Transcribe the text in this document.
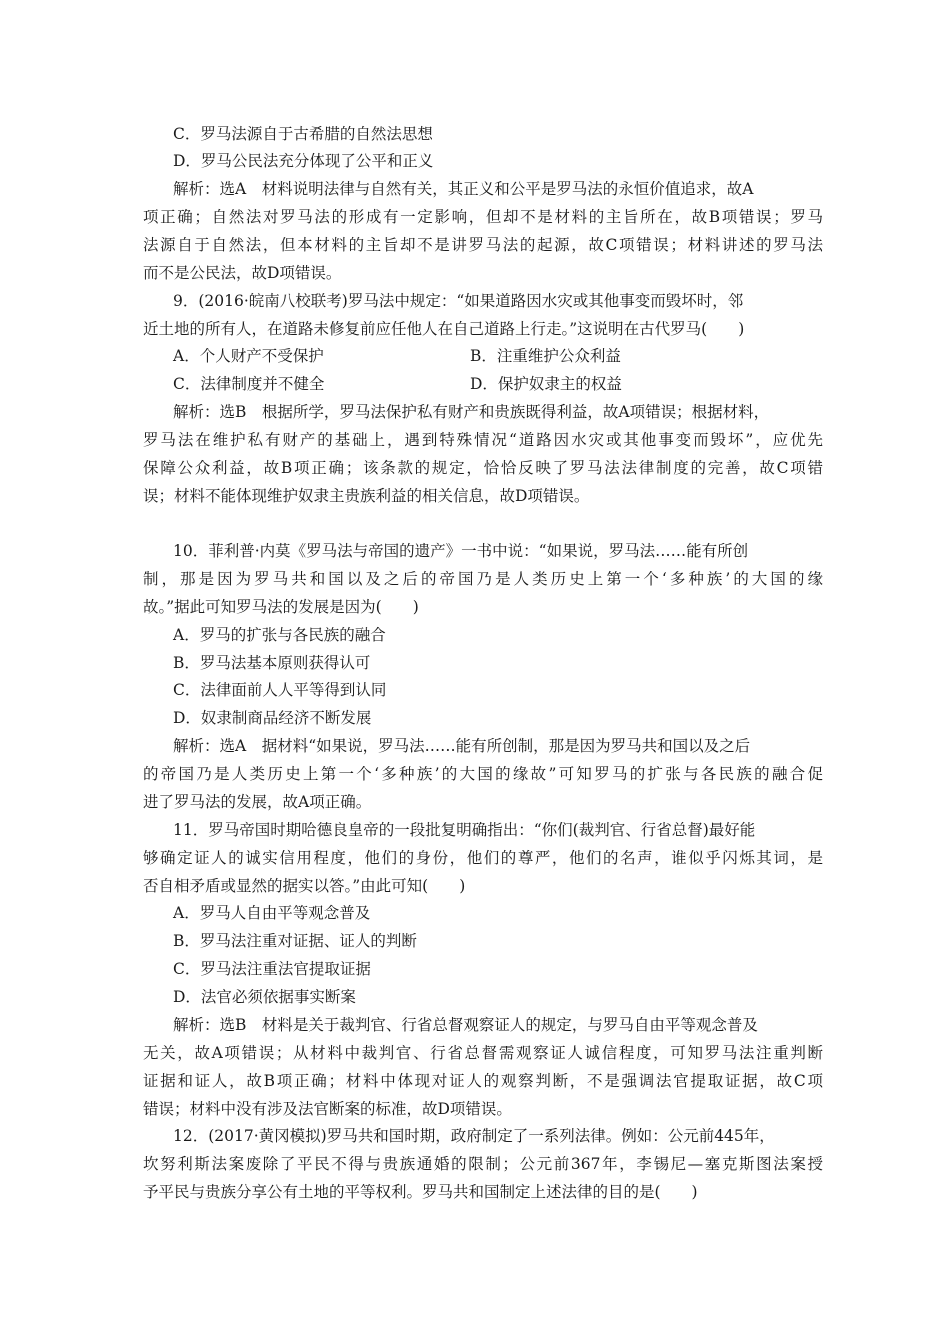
C．罗马法源自于古希腊的自然法思想
D．罗马公民法充分体现了公平和正义
解析：选A　材料说明法律与自然有关，其正义和公平是罗马法的永恒价值追求，故A
项正确；自然法对罗马法的形成有一定影响，但却不是材料的主旨所在，故B项错误；罗马
法源自于自然法，但本材料的主旨却不是讲罗马法的起源，故C项错误；材料讲述的罗马法
而不是公民法，故D项错误。
9．(2016·皖南八校联考)罗马法中规定：“如果道路因水灾或其他事变而毁坏时，邻
近土地的所有人，在道路未修复前应任他人在自己道路上行走。”这说明在古代罗马(　　)
A．个人财产不受保护	B．注重维护公众利益
C．法律制度并不健全	D．保护奴隶主的权益
解析：选B　根据所学，罗马法保护私有财产和贵族既得利益，故A项错误；根据材料，
罗马法在维护私有财产的基础上，遇到特殊情况“道路因水灾或其他事变而毁坏”，应优先
保障公众利益，故B项正确；该条款的规定，恰恰反映了罗马法法律制度的完善，故C项错
误；材料不能体现维护奴隶主贵族利益的相关信息，故D项错误。
10．菲利普·内莫《罗马法与帝国的遗产》一书中说：“如果说，罗马法……能有所创
制，那是因为罗马共和国以及之后的帝国乃是人类历史上第一个‘多种族’的大国的缘
故。”据此可知罗马法的发展是因为(　　)
A．罗马的扩张与各民族的融合
B．罗马法基本原则获得认可
C．法律面前人人平等得到认同
D．奴隶制商品经济不断发展
解析：选A　据材料“如果说，罗马法……能有所创制，那是因为罗马共和国以及之后
的帝国乃是人类历史上第一个‘多种族’的大国的缘故”可知罗马的扩张与各民族的融合促
进了罗马法的发展，故A项正确。
11．罗马帝国时期哈德良皇帝的一段批复明确指出：“你们(裁判官、行省总督)最好能
够确定证人的诚实信用程度，他们的身份，他们的尊严，他们的名声，谁似乎闪烁其词，是
否自相矛盾或显然的据实以答。”由此可知(　　)
A．罗马人自由平等观念普及
B．罗马法注重对证据、证人的判断
C．罗马法注重法官提取证据
D．法官必须依据事实断案
解析：选B　材料是关于裁判官、行省总督观察证人的规定，与罗马自由平等观念普及
无关，故A项错误；从材料中裁判官、行省总督需观察证人诚信程度，可知罗马法注重判断
证据和证人，故B项正确；材料中体现对证人的观察判断，不是强调法官提取证据，故C项
错误；材料中没有涉及法官断案的标准，故D项错误。
12．(2017·黄冈模拟)罗马共和国时期，政府制定了一系列法律。例如：公元前445年，
坎努利斯法案废除了平民不得与贵族通婚的限制；公元前367年，李锡尼—塞克斯图法案授
予平民与贵族分享公有土地的平等权利。罗马共和国制定上述法律的目的是(　　)
